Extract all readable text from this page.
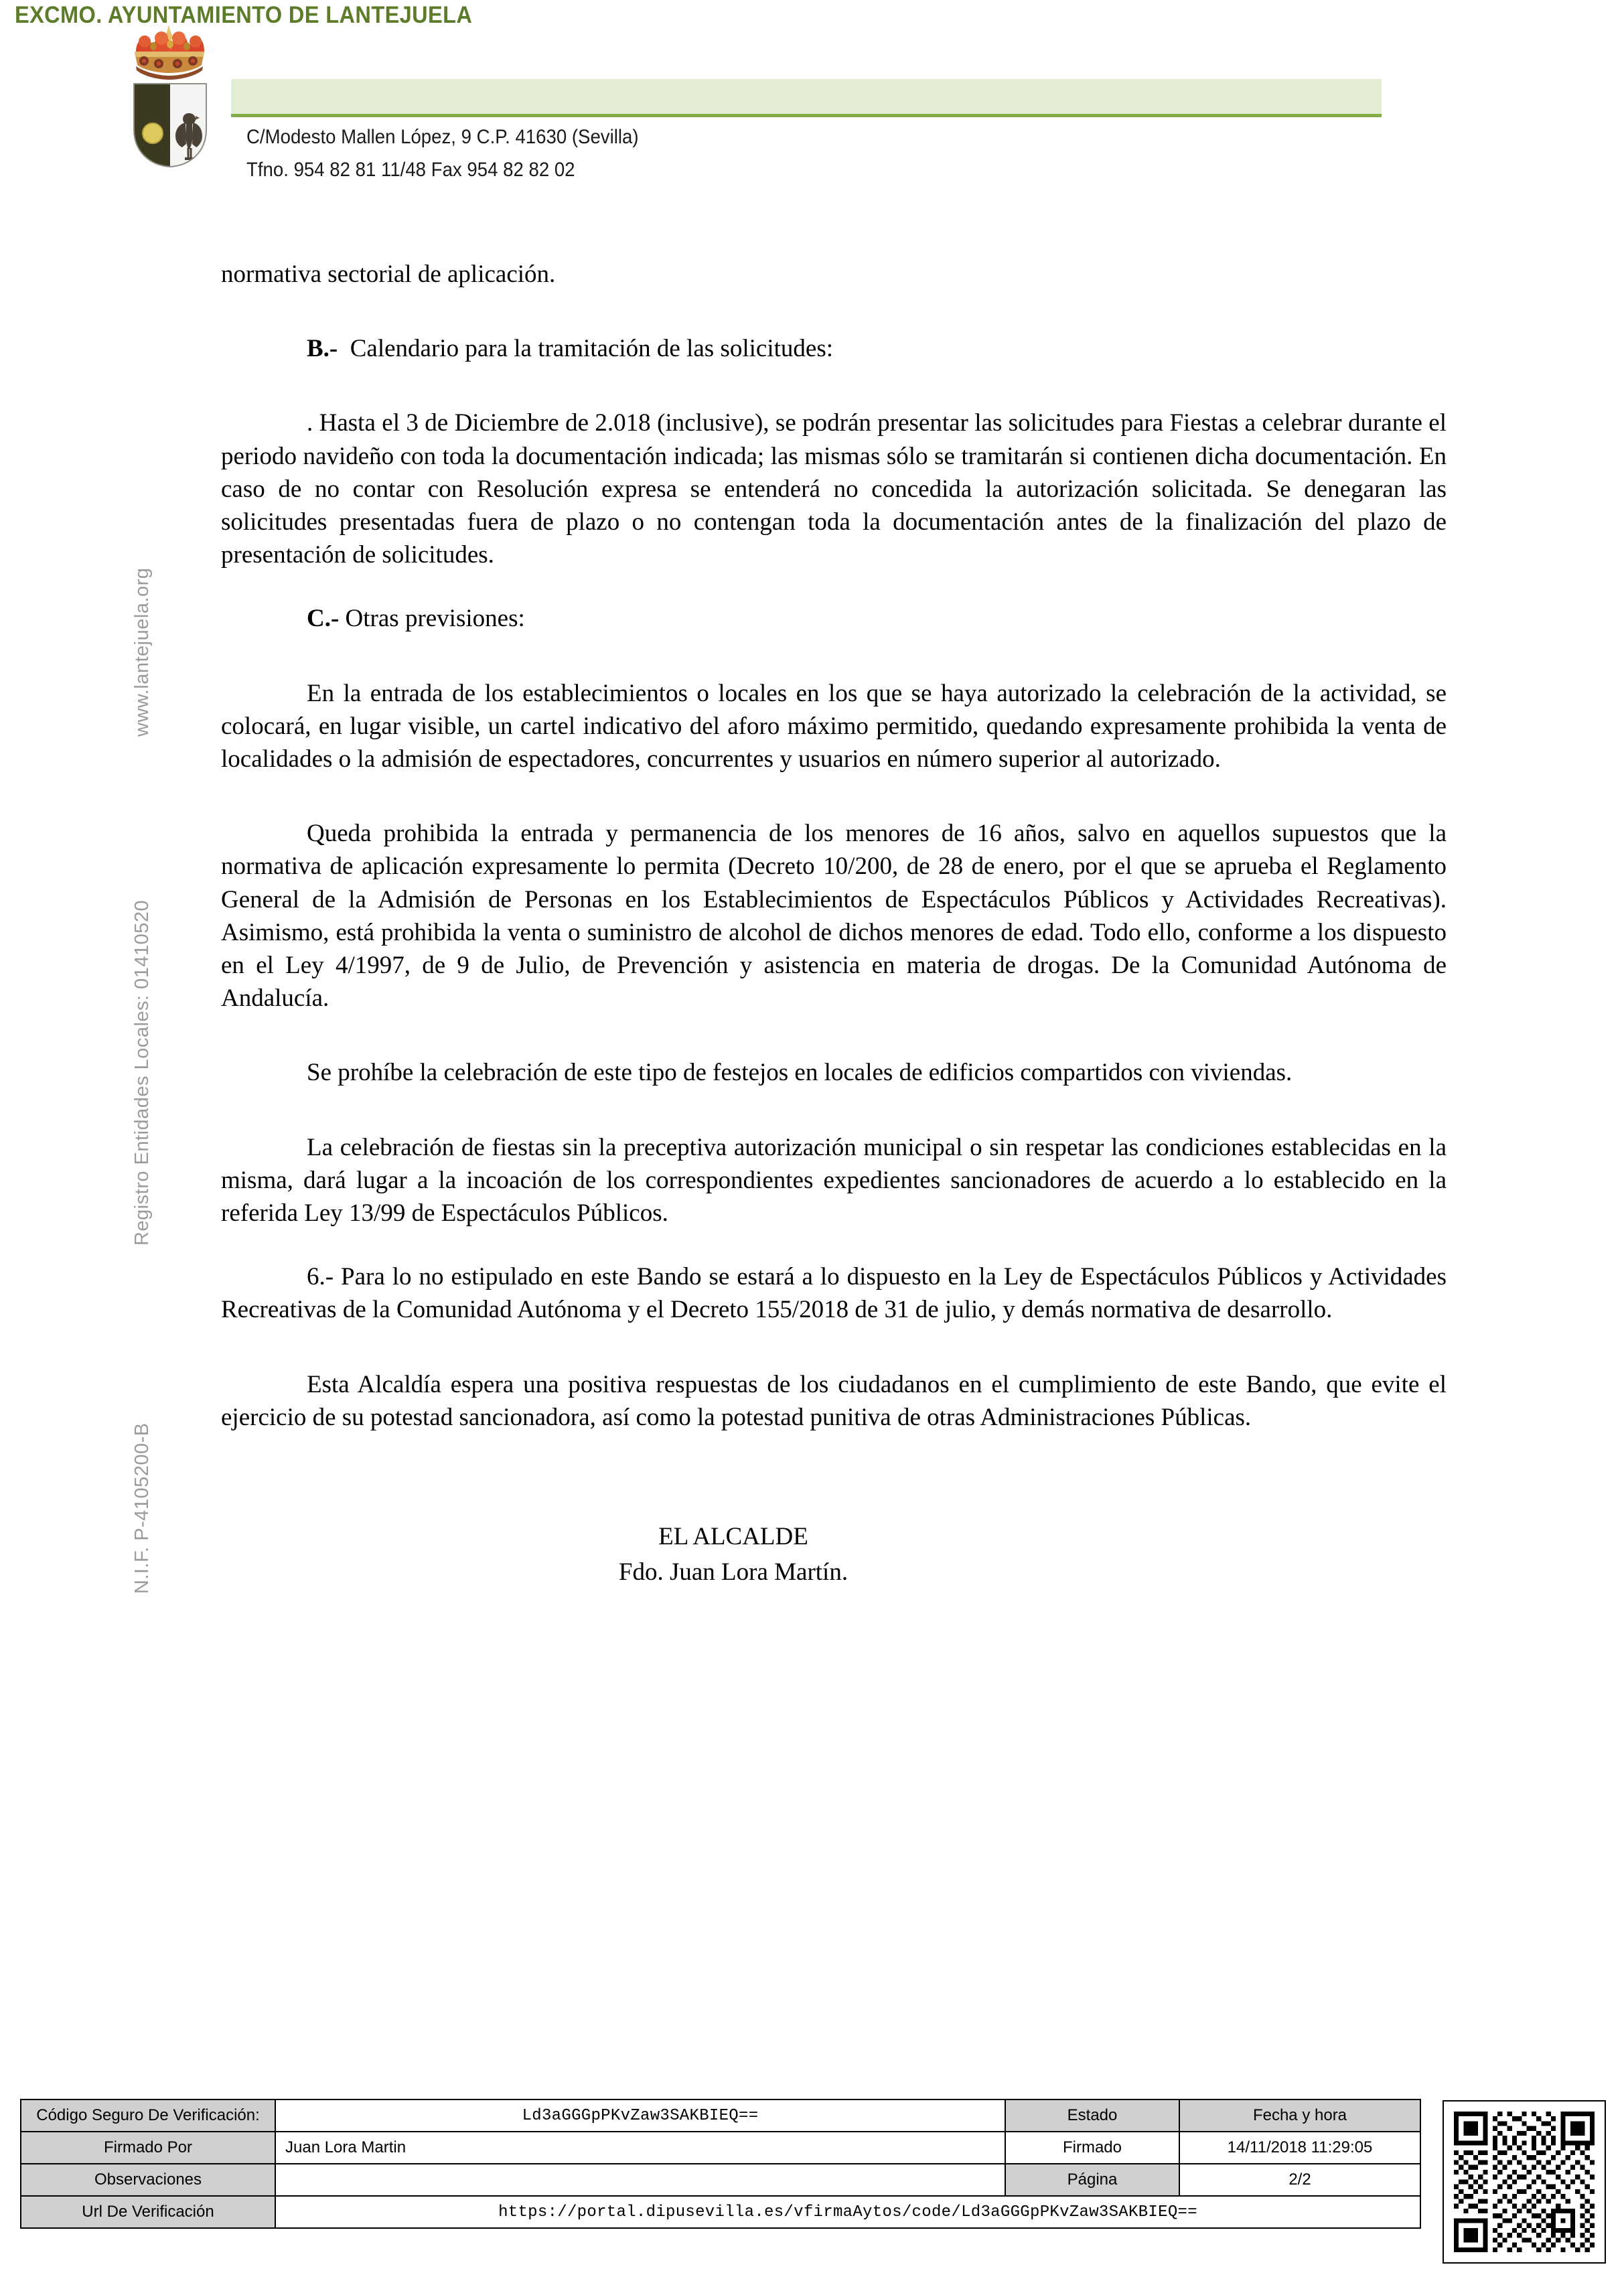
EXCMO. AYUNTAMIENTO DE LANTEJUELA
C/Modesto Mallen López, 9 C.P. 41630 (Sevilla)
Tfno. 954 82 81 11/48 Fax 954 82 82 02
www.lantejuela.org
Registro Entidades Locales: 01410520
N.I.F. P-4105200-B

normativa sectorial de aplicación.

B.- Calendario para la tramitación de las solicitudes:

. Hasta el 3 de Diciembre de 2.018 (inclusive), se podrán presentar las solicitudes para Fiestas a celebrar durante el periodo navideño con toda la documentación indicada; las mismas sólo se tramitarán si contienen dicha documentación. En caso de no contar con Resolución expresa se entenderá no concedida la autorización solicitada. Se denegaran las solicitudes presentadas fuera de plazo o no contengan toda la documentación antes de la finalización del plazo de presentación de solicitudes.

C.- Otras previsiones:

En la entrada de los establecimientos o locales en los que se haya autorizado la celebración de la actividad, se colocará, en lugar visible, un cartel indicativo del aforo máximo permitido, quedando expresamente prohibida la venta de localidades o la admisión de espectadores, concurrentes y usuarios en número superior al autorizado.

Queda prohibida la entrada y permanencia de los menores de 16 años, salvo en aquellos supuestos que la normativa de aplicación expresamente lo permita (Decreto 10/200, de 28 de enero, por el que se aprueba el Reglamento General de la Admisión de Personas en los Establecimientos de Espectáculos Públicos y Actividades Recreativas). Asimismo, está prohibida la venta o suministro de alcohol de dichos menores de edad. Todo ello, conforme a los dispuesto en el Ley 4/1997, de 9 de Julio, de Prevención y asistencia en materia de drogas. De la Comunidad Autónoma de Andalucía.

Se prohíbe la celebración de este tipo de festejos en locales de edificios compartidos con viviendas.

La celebración de fiestas sin la preceptiva autorización municipal o sin respetar las condiciones establecidas en la misma, dará lugar a la incoación de los correspondientes expedientes sancionadores de acuerdo a lo establecido en la referida Ley 13/99 de Espectáculos Públicos.

6.- Para lo no estipulado en este Bando se estará a lo dispuesto en la Ley de Espectáculos Públicos y Actividades Recreativas de la Comunidad Autónoma y el Decreto 155/2018 de 31 de julio, y demás normativa de desarrollo.

Esta Alcaldía espera una positiva respuestas de los ciudadanos en el cumplimiento de este Bando, que evite el ejercicio de su potestad sancionadora, así como la potestad punitiva de otras Administraciones Públicas.

EL ALCALDE
Fdo. Juan Lora Martín.
Código Seguro De Verificación:	Ld3aGGGpPKvZaw3SAKBIEQ==	Estado	Fecha y hora
Firmado Por	Juan Lora Martin	Firmado	14/11/2018 11:29:05
Observaciones		Página	2/2
Url De Verificación	https://portal.dipusevilla.es/vfirmaAytos/code/Ld3aGGGpPKvZaw3SAKBIEQ==		
